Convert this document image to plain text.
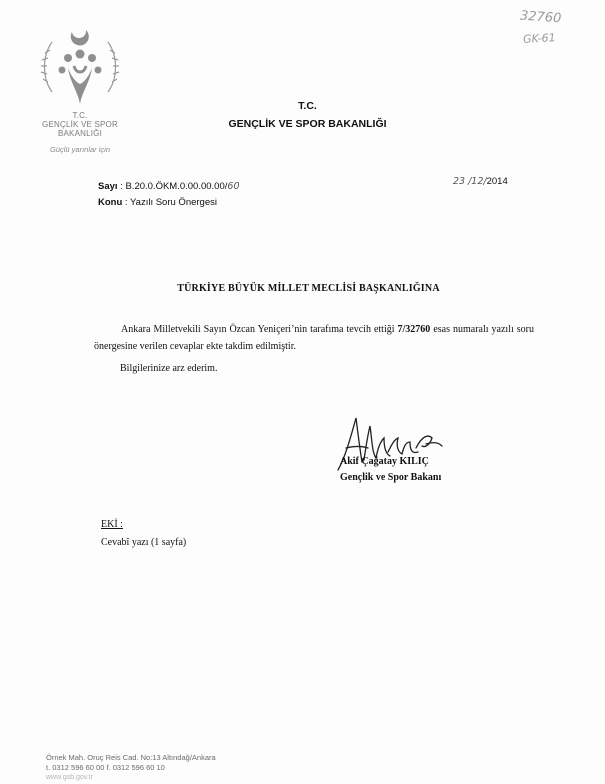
32760
GK-61
T.C.
GENÇLİK VE SPOR
BAKANLIĞI
Güçlü yarınlar için
T.C.
GENÇLİK VE SPOR BAKANLIĞI
Sayı : B.20.0.ÖKM.0.00.00.00/60
Konu : Yazılı Soru Önergesi
23 /12/2014
TÜRKİYE BÜYÜK MİLLET MECLİSİ BAŞKANLIĞINA
Ankara Milletvekili Sayın Özcan Yeniçeri’nin tarafıma tevcih ettiği 7/32760 esas numaralı yazılı soru önergesine verilen cevaplar ekte takdim edilmiştir.
Bilgilerinize arz ederim.
Akif Çağatay KILIÇ
Gençlik ve Spor Bakanı
EKİ :
Cevabî yazı (1 sayfa)
Örnek Mah. Oruç Reis Cad. No:13 Altındağ/Ankara
t. 0312 596 60 00 f. 0312 596 60 10
www.gsb.gov.tr
